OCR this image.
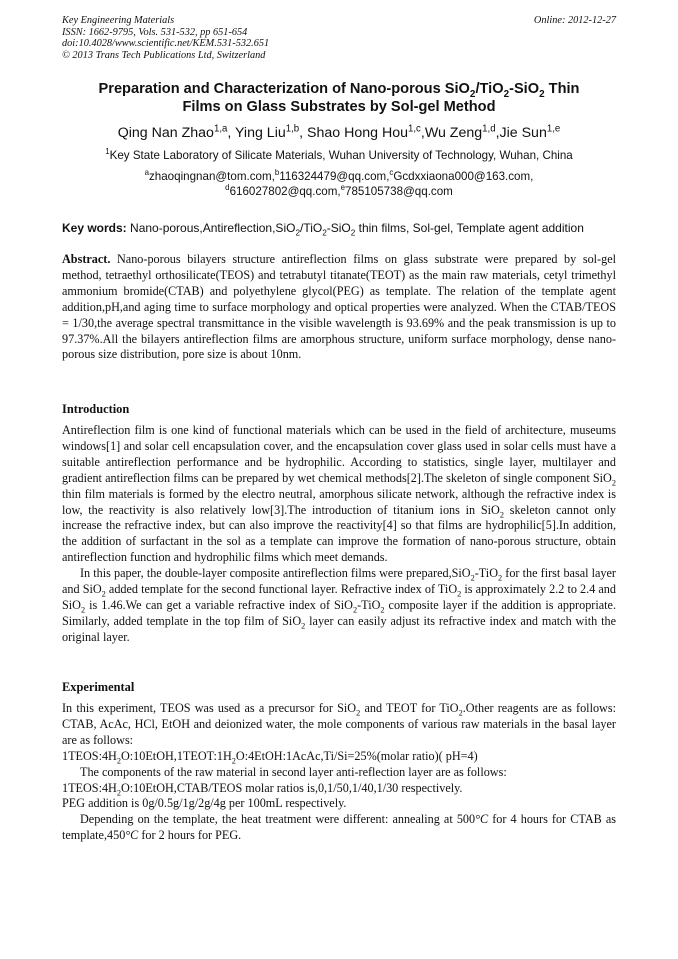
Key Engineering Materials
ISSN: 1662-9795, Vols. 531-532, pp 651-654
doi:10.4028/www.scientific.net/KEM.531-532.651
© 2013 Trans Tech Publications Ltd, Switzerland
Online: 2012-12-27
Preparation and Characterization of Nano-porous SiO$_2$/TiO$_2$-SiO$_2$ Thin
Films on Glass Substrates by Sol-gel Method
Qing Nan Zhao$^{1,a}$, Ying Liu$^{1,b}$, Shao Hong Hou$^{1,c}$,Wu Zeng$^{1,d}$,Jie Sun$^{1,e}$
$^1$Key State Laboratory of Silicate Materials, Wuhan University of Technology, Wuhan, China
$^a$zhaoqingnan@tom.com,$^b$116324479@qq.com,$^c$Gcdxxiaona000@163.com,
$^d$616027802@qq.com,$^e$785105738@qq.com
Key words: Nano-porous,Antireflection,SiO$_2$/TiO$_2$-SiO$_2$ thin films, Sol-gel, Template agent addition

Abstract. Nano-porous bilayers structure antireflection films on glass substrate were prepared by sol-gel method, tetraethyl orthosilicate(TEOS) and tetrabutyl titanate(TEOT) as the main raw materials, cetyl trimethyl ammonium bromide(CTAB) and polyethylene glycol(PEG) as template. The relation of the template agent addition,pH,and aging time to surface morphology and optical properties were analyzed. When the CTAB/TEOS = 1/30,the average spectral transmittance in the visible wavelength is 93.69% and the peak transmission is up to 97.37%.All the bilayers antireflection films are amorphous structure, uniform surface morphology, dense nano-porous size distribution, pore size is about 10nm.

Introduction

Antireflection film is one kind of functional materials which can be used in the field of architecture, museums windows[1] and solar cell encapsulation cover, and the encapsulation cover glass used in solar cells must have a suitable antireflection performance and be hydrophilic. According to statistics, single layer, multilayer and gradient antireflection films can be prepared by wet chemical methods[2].The skeleton of single component SiO$_2$ thin film materials is formed by the electro neutral, amorphous silicate network, although the refractive index is low, the reactivity is also relatively low[3].The introduction of titanium ions in SiO$_2$ skeleton cannot only increase the refractive index, but can also improve the reactivity[4] so that films are hydrophilic[5].In addition, the addition of surfactant in the sol as a template can improve the formation of nano-porous structure, obtain antireflection function and hydrophilic films which meet demands.

In this paper, the double-layer composite antireflection films were prepared,SiO$_2$-TiO$_2$ for the first basal layer and SiO$_2$ added template for the second functional layer. Refractive index of TiO$_2$ is approximately 2.2 to 2.4 and SiO$_2$ is 1.46.We can get a variable refractive index of SiO$_2$-TiO$_2$ composite layer if the addition is appropriate. Similarly, added template in the top film of SiO$_2$ layer can easily adjust its refractive index and match with the original layer.

Experimental

In this experiment, TEOS was used as a precursor for SiO$_2$ and TEOT for TiO$_2$.Other reagents are as follows: CTAB, AcAc, HCl, EtOH and deionized water, the mole components of various raw materials in the basal layer are as follows:

$1TEOS:4H_2O:10EtOH,1TEOT:1H_2O:4EtOH:1AcAc,Ti/Si=25\%(molar$ ratio)( pH=4)

The components of the raw material in second layer anti-reflection layer are as follows:

$1TEOS:4H_2O:10EtOH,CTAB$/TEOS molar ratios is,0,1/50,1/40,1/30 respectively.

PEG addition is 0g/0.5g/1g/2g/4g per 100mL respectively.

Depending on the template, the heat treatment were different: annealing at 500°C for 4 hours for CTAB as template,450°C for 2 hours for PEG.
